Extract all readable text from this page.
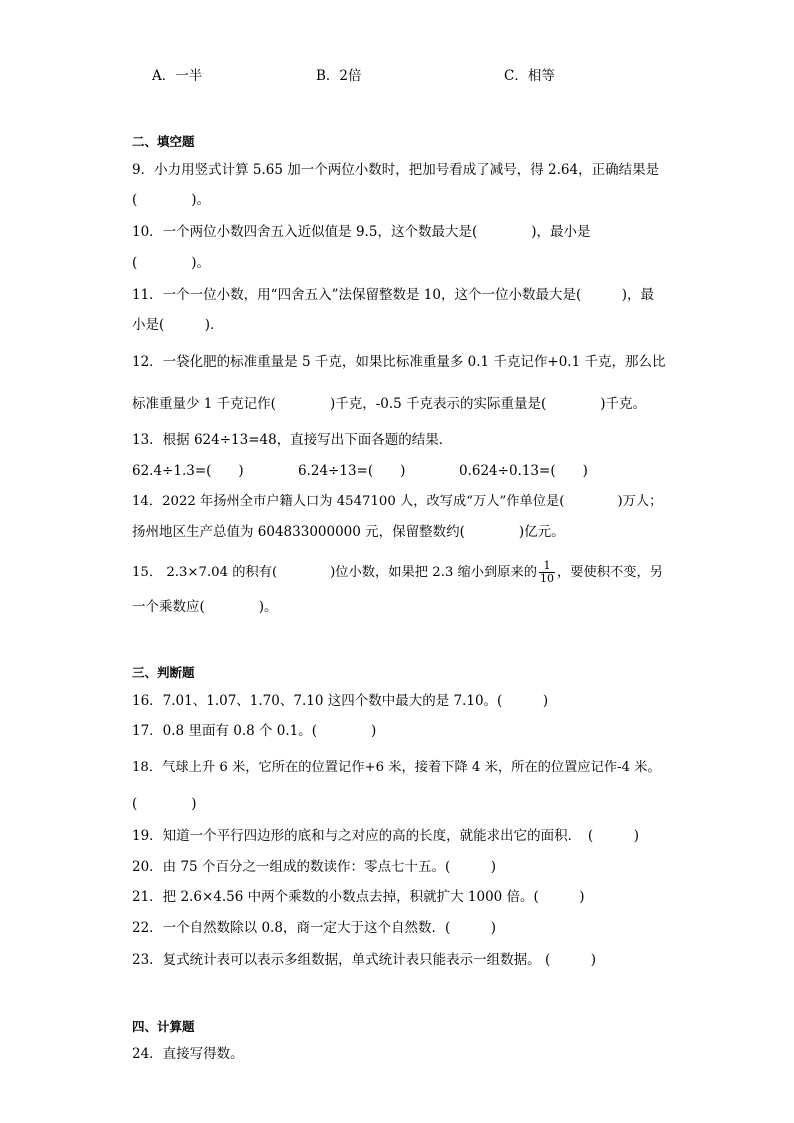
A．一半	B．2倍	C．相等
二、填空题
9．小力用竖式计算 5.65 加一个两位小数时，把加号看成了减号，得 2.64，正确结果是
(　　　　)。
10．一个两位小数四舍五入近似值是 9.5，这个数最大是(　　　　)，最小是
(　　　　)。
11．一个一位小数，用“四舍五入”法保留整数是 10，这个一位小数最大是(　　　)，最
小是(　　　)．
12．一袋化肥的标准重量是 5 千克，如果比标准重量多 0.1 千克记作+0.1 千克，那么比
标准重量少 1 千克记作(　　　　)千克，-0.5 千克表示的实际重量是(　　　　)千克。
13．根据 624÷13=48，直接写出下面各题的结果．
62.4÷1.3=(　　)	6.24÷13=(　　)	0.624÷0.13=(　　)
14．2022 年扬州全市户籍人口为 4547100 人，改写成“万人”作单位是(　　　　)万人；
扬州地区生产总值为 604833000000 元，保留整数约(　　　　)亿元。
15． 2.3×7.04 的积有(　　　　)位小数，如果把 2.3 缩小到原来的 $\frac{1}{10}$ ，要使积不变，另
一个乘数应(　　　　)。
三、判断题
16．7.01、1.07、1.70、7.10 这四个数中最大的是 7.10。(　　　)
17．0.8 里面有 0.8 个 0.1。(　　　　)
18．气球上升 6 米，它所在的位置记作+6 米，接着下降 4 米，所在的位置应记作-4 米。
(　　　　)
19．知道一个平行四边形的底和与之对应的高的长度，就能求出它的面积．　(　　　)
20．由 75 个百分之一组成的数读作：零点七十五。(　　　)
21．把 2.6×4.56 中两个乘数的小数点去掉，积就扩大 1000 倍。(　　　)
22．一个自然数除以 0.8，商一定大于这个自然数．(　　　)
23．复式统计表可以表示多组数据，单式统计表只能表示一组数据。 (　　　)
四、计算题
24．直接写得数。
